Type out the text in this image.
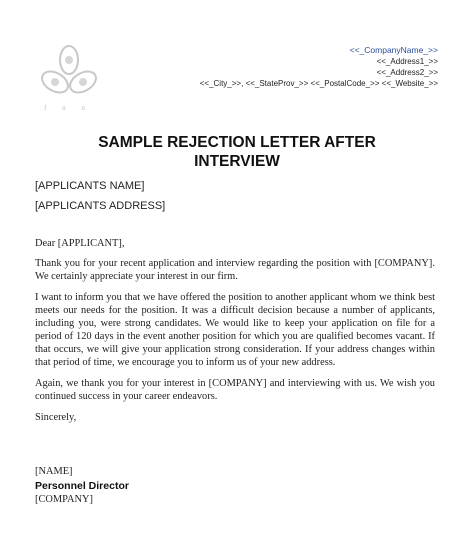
f u n
<<_CompanyName_>>
<<_Address1_>>
<<_Address2_>>
<<_City_>>, <<_StateProv_>> <<_PostalCode_>> <<_Website_>>
SAMPLE REJECTION LETTER AFTER
INTERVIEW
[APPLICANTS NAME]
[APPLICANTS ADDRESS]

Dear [APPLICANT],

Thank you for your recent application and interview regarding the position with [COMPANY]. We certainly appreciate your interest in our firm.

I want to inform you that we have offered the position to another applicant whom we think best meets our needs for the position. It was a difficult decision because a number of applicants, including you, were strong candidates. We would like to keep your application on file for a period of 120 days in the event another position for which you are qualified becomes vacant. If that occurs, we will give your application strong consideration. If your address changes within that period of time, we encourage you to inform us of your new address.

Again, we thank you for your interest in [COMPANY] and interviewing with us. We wish you continued success in your career endeavors.

Sincerely,

[NAME]
Personnel Director
[COMPANY]
